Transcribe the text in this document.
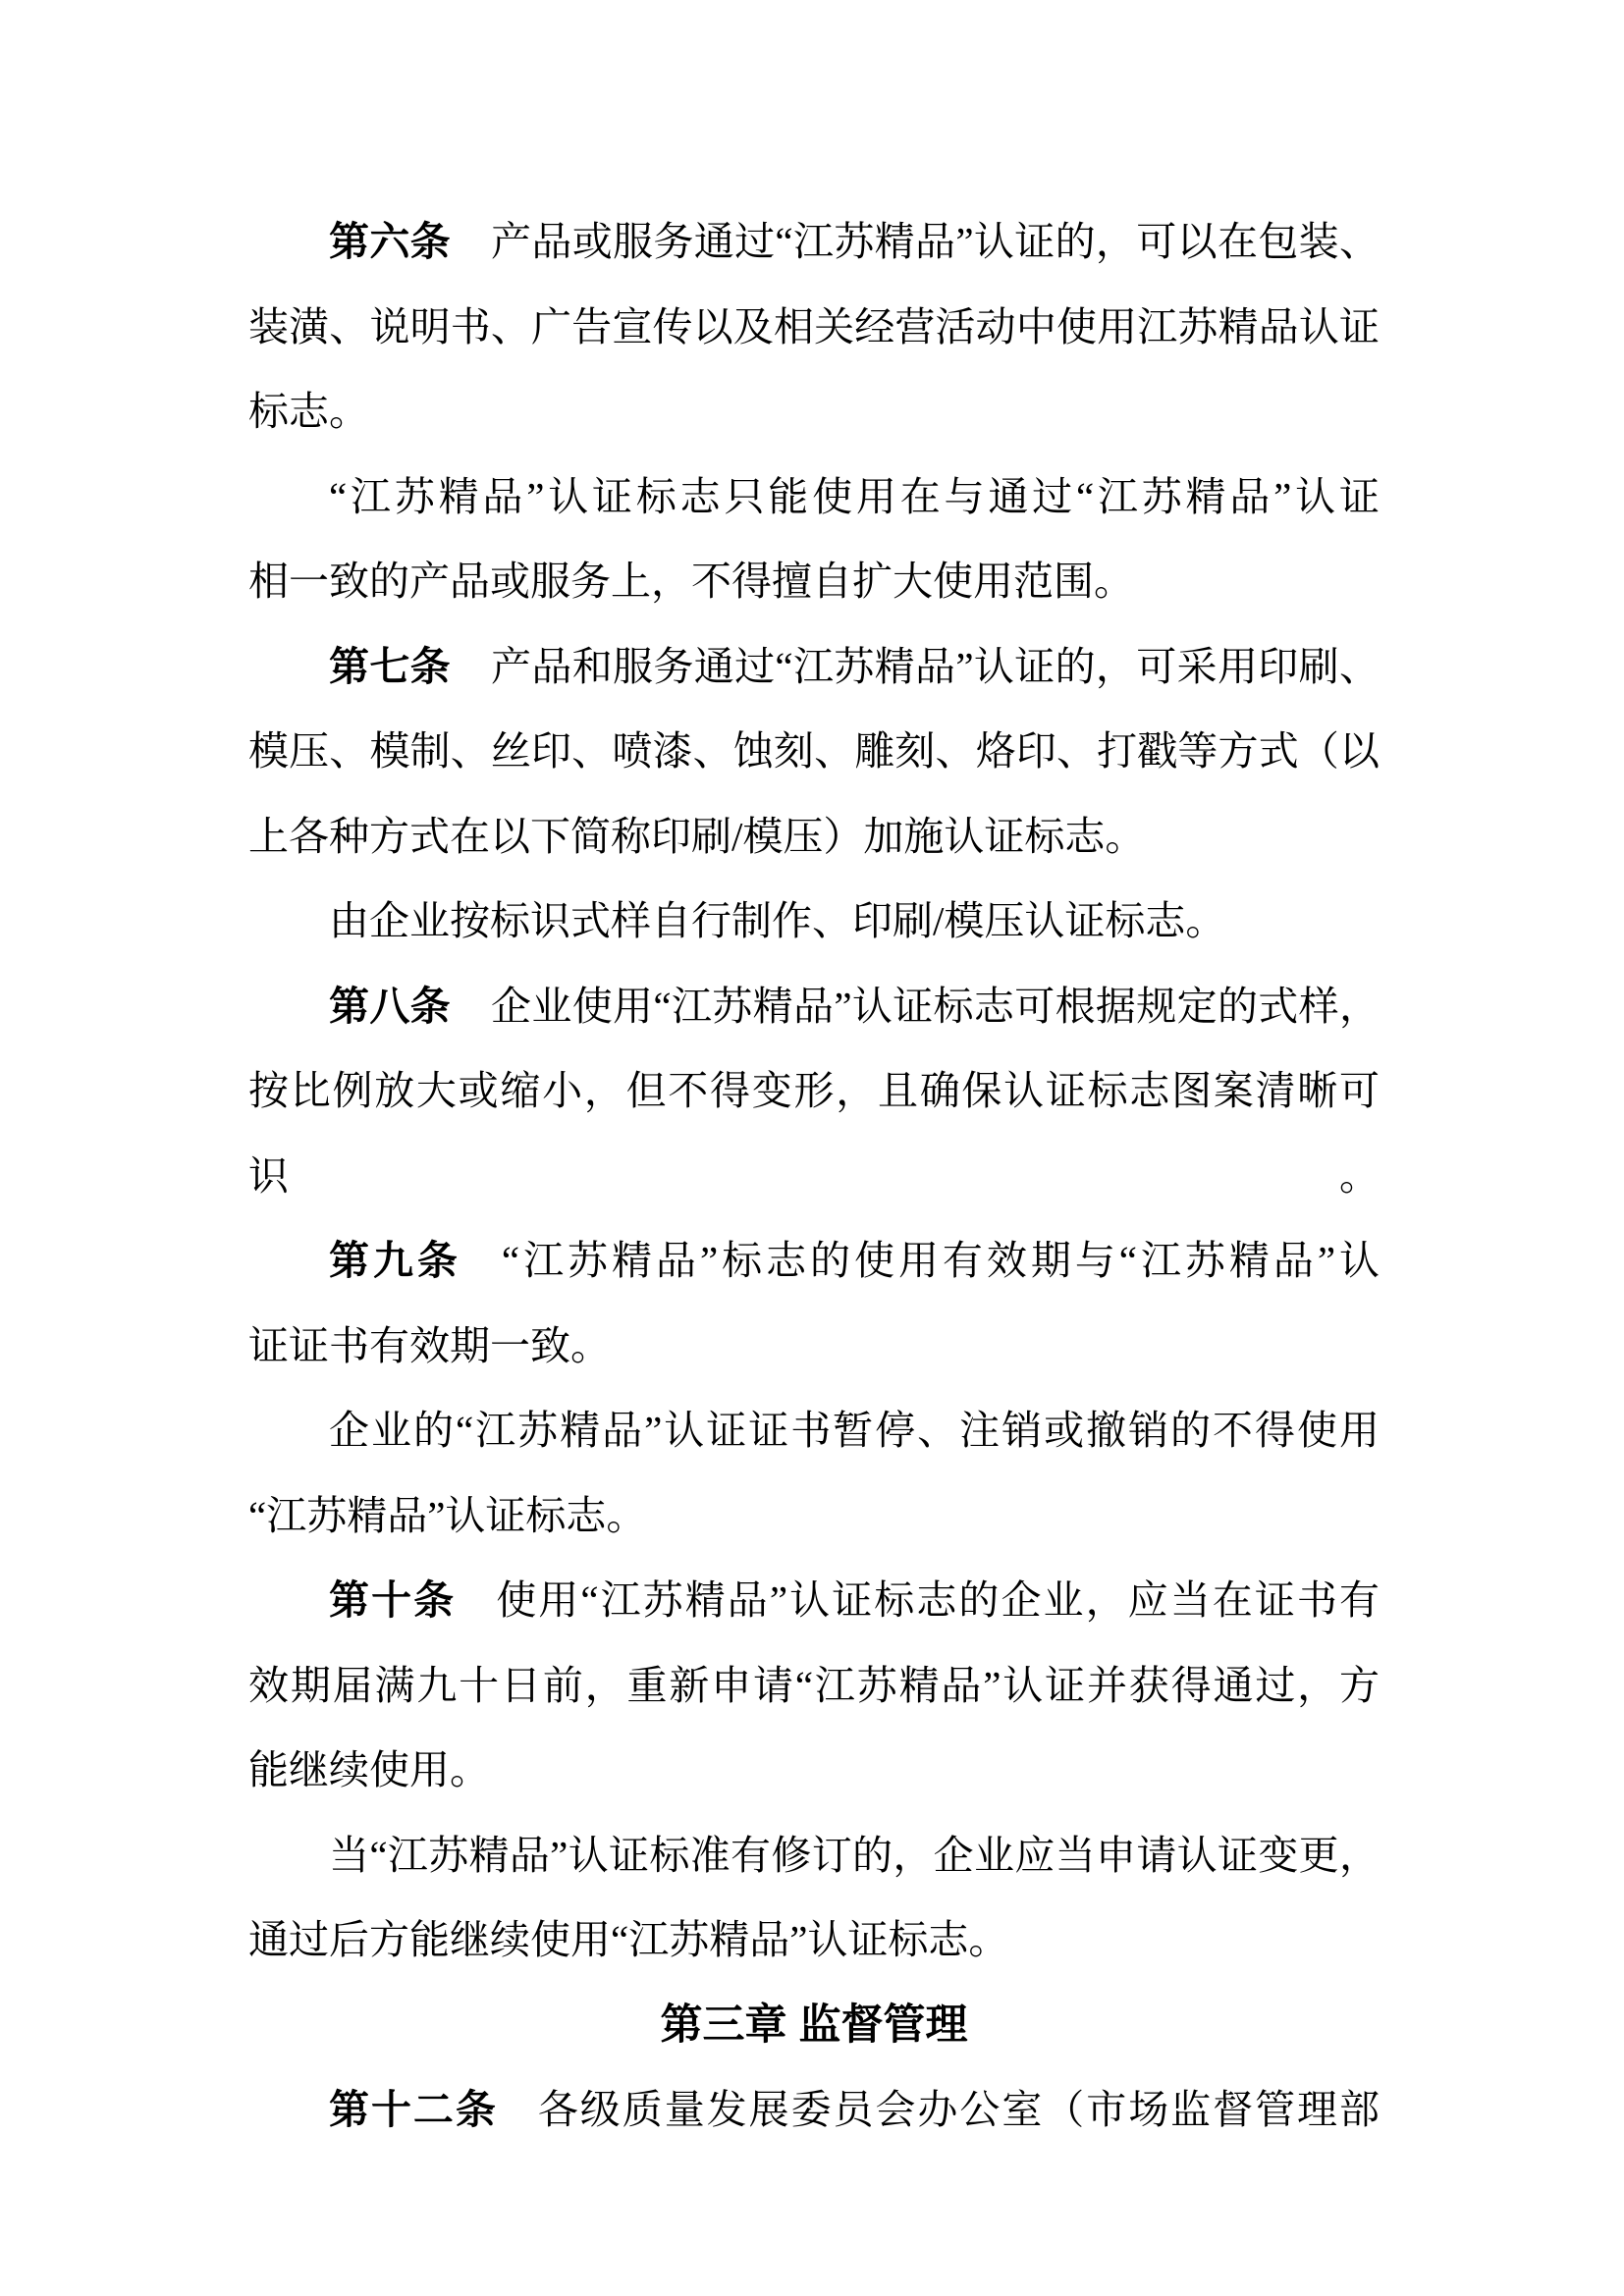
第六条 产品或服务通过“江苏精品”认证的，可以在包装、
装潢、说明书、广告宣传以及相关经营活动中使用江苏精品认证
标志。
“江苏精品”认证标志只能使用在与通过“江苏精品”认证
相一致的产品或服务上，不得擅自扩大使用范围。
第七条 产品和服务通过“江苏精品”认证的，可采用印刷、
模压、模制、丝印、喷漆、蚀刻、雕刻、烙印、打戳等方式（以
上各种方式在以下简称印刷/模压）加施认证标志。
由企业按标识式样自行制作、印刷/模压认证标志。
第八条 企业使用“江苏精品”认证标志可根据规定的式样，
按比例放大或缩小，但不得变形，且确保认证标志图案清晰可识。
第九条 “江苏精品”标志的使用有效期与“江苏精品”认
证证书有效期一致。
企业的“江苏精品”认证证书暂停、注销或撤销的不得使用
“江苏精品”认证标志。
第十条 使用“江苏精品”认证标志的企业，应当在证书有
效期届满九十日前，重新申请“江苏精品”认证并获得通过，方
能继续使用。
当“江苏精品”认证标准有修订的，企业应当申请认证变更，
通过后方能继续使用“江苏精品”认证标志。
第三章 监督管理
第十二条 各级质量发展委员会办公室（市场监督管理部
